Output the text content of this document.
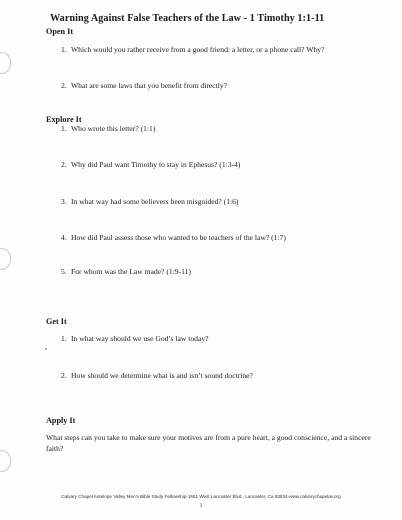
Warning Against False Teachers of the Law - 1 Timothy 1:1-11
Open It
1. Which would you rather receive from a good friend: a letter, or a phone call? Why?
2. What are some laws that you benefit from directly?
Explore It
1. Who wrote this letter? (1:1)
2. Why did Paul want Timothy to stay in Ephesus? (1:3-4)
3. In what way had some believers been misguided? (1:6)
4. How did Paul assess those who wanted to be teachers of the law? (1:7)
5. For whom was the Law made? (1:9-11)
Get It
1. In what way should we use God’s law today?
2. How should we determine what is and isn’t sound doctrine?
Apply It
What steps can you take to make sure your motives are from a pure heart, a good conscience, and a sincere faith?
Calvary Chapel Antelope Valley Men’s Bible Study Fellowship-1661 West Lancaster Blvd., Lancaster, Ca 93534-www.calvarychapelav.org
1
